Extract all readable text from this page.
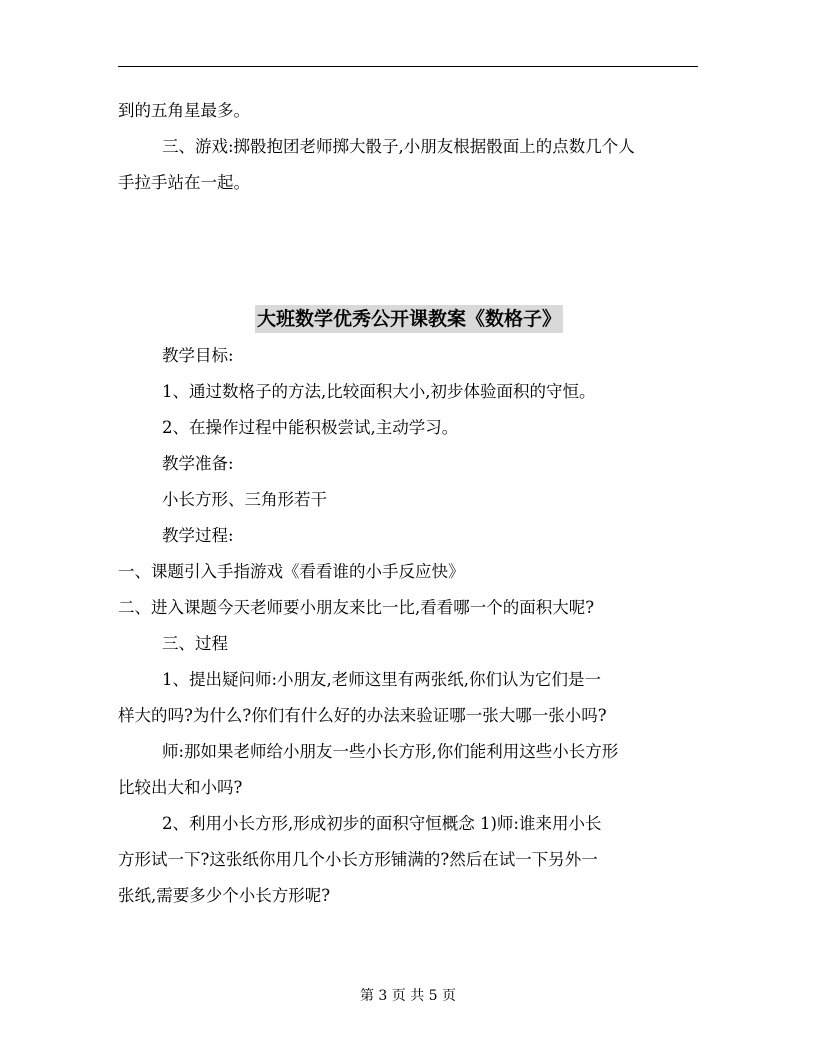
到的五角星最多。
三、游戏:掷骰抱团老师掷大骰子,小朋友根据骰面上的点数几个人
手拉手站在一起。
大班数学优秀公开课教案《数格子》
教学目标:
1、通过数格子的方法,比较面积大小,初步体验面积的守恒。
2、在操作过程中能积极尝试,主动学习。
教学准备:
小长方形、三角形若干
教学过程:
一、课题引入手指游戏《看看谁的小手反应快》
二、进入课题今天老师要小朋友来比一比,看看哪一个的面积大呢?
三、过程
1、提出疑问师:小朋友,老师这里有两张纸,你们认为它们是一
样大的吗?为什么?你们有什么好的办法来验证哪一张大哪一张小吗?
师:那如果老师给小朋友一些小长方形,你们能利用这些小长方形
比较出大和小吗?
2、利用小长方形,形成初步的面积守恒概念 1)师:谁来用小长
方形试一下?这张纸你用几个小长方形铺满的?然后在试一下另外一
张纸,需要多少个小长方形呢?
第 3 页 共 5 页
